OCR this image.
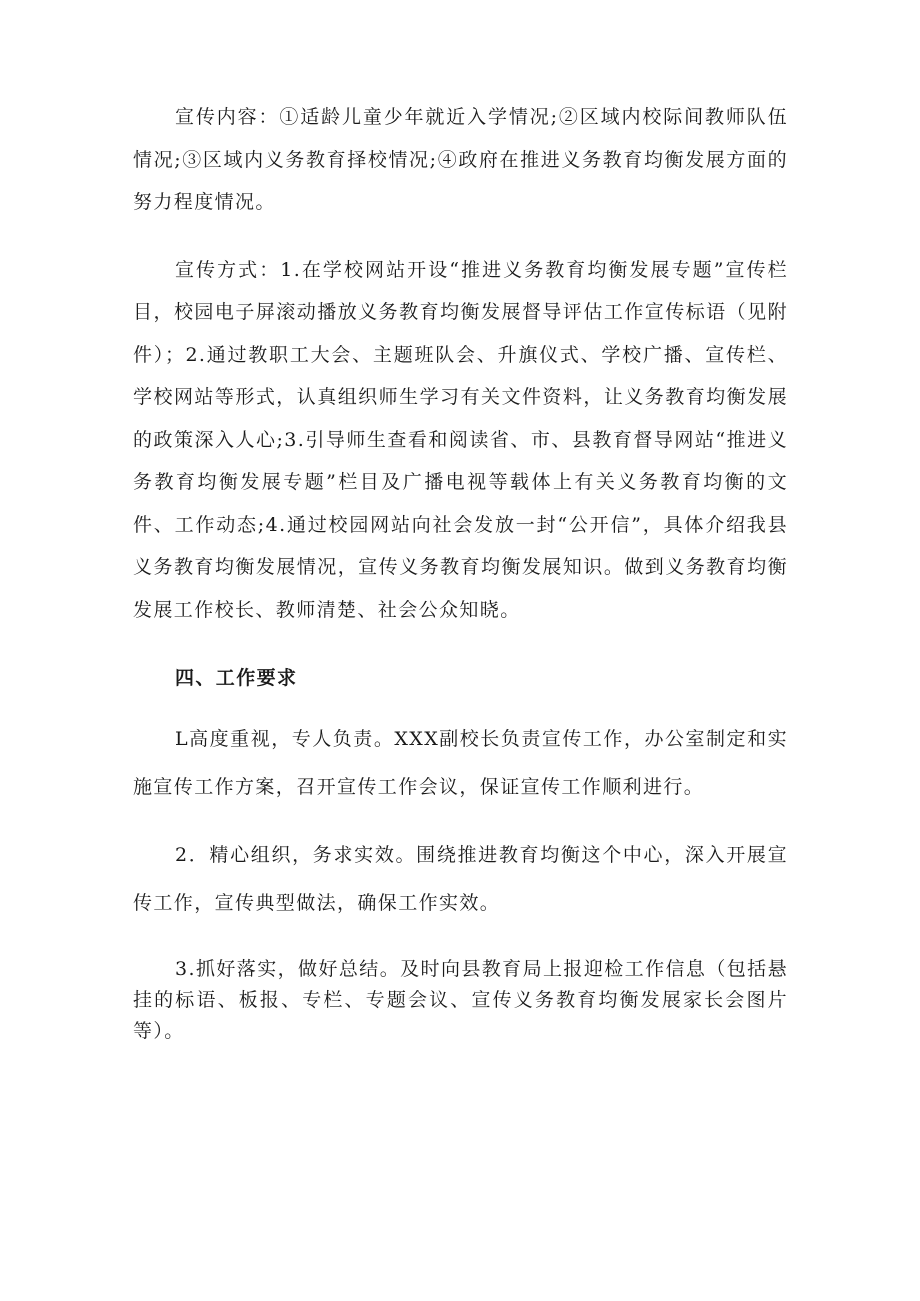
宣传内容：①适龄儿童少年就近入学情况;②区域内校际间教师队伍情况;③区域内义务教育择校情况;④政府在推进义务教育均衡发展方面的努力程度情况。

宣传方式：1.在学校网站开设“推进义务教育均衡发展专题”宣传栏目，校园电子屏滚动播放义务教育均衡发展督导评估工作宣传标语（见附件）；2.通过教职工大会、主题班队会、升旗仪式、学校广播、宣传栏、学校网站等形式，认真组织师生学习有关文件资料，让义务教育均衡发展的政策深入人心;3.引导师生查看和阅读省、市、县教育督导网站“推进义务教育均衡发展专题”栏目及广播电视等载体上有关义务教育均衡的文件、工作动态;4.通过校园网站向社会发放一封“公开信”，具体介绍我县义务教育均衡发展情况，宣传义务教育均衡发展知识。做到义务教育均衡发展工作校长、教师清楚、社会公众知晓。

四、工作要求

L高度重视，专人负责。XXX副校长负责宣传工作，办公室制定和实施宣传工作方案，召开宣传工作会议，保证宣传工作顺利进行。

2．精心组织，务求实效。围绕推进教育均衡这个中心，深入开展宣传工作，宣传典型做法，确保工作实效。

3.抓好落实，做好总结。及时向县教育局上报迎检工作信息（包括悬挂的标语、板报、专栏、专题会议、宣传义务教育均衡发展家长会图片等）。
